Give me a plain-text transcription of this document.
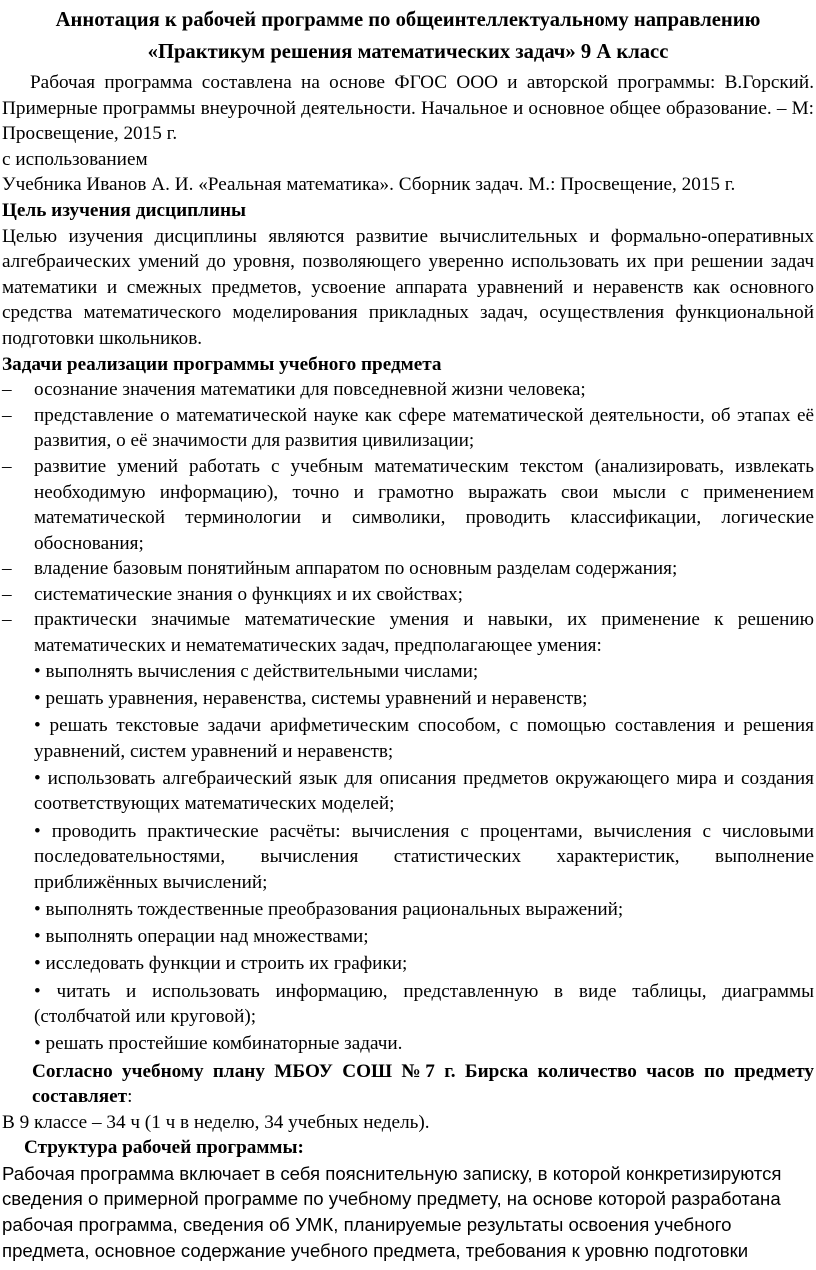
Аннотация к рабочей программе по общеинтеллектуальному направлению «Практикум решения математических задач» 9 А класс

Рабочая программа составлена на основе ФГОС ООО и авторской программы: В.Горский. Примерные программы внеурочной деятельности. Начальное и основное общее образование. – М: Просвещение, 2015 г.

с использованием

Учебника Иванов А. И. «Реальная математика». Сборник задач. М.: Просвещение, 2015 г.

Цель изучения дисциплины

Целью изучения дисциплины являются развитие вычислительных и формально-оперативных алгебраических умений до уровня, позволяющего уверенно использовать их при решении задач математики и смежных предметов, усвоение аппарата уравнений и неравенств как основного средства математического моделирования прикладных задач, осуществления функциональной подготовки школьников.

Задачи реализации программы учебного предмета

– осознание значения математики для повседневной жизни человека;
– представление о математической науке как сфере математической деятельности, об этапах её развития, о её значимости для развития цивилизации;
– развитие умений работать с учебным математическим текстом (анализировать, извлекать необходимую информацию), точно и грамотно выражать свои мысли с применением математической терминологии и символики, проводить классификации, логические обоснования;
– владение базовым понятийным аппаратом по основным разделам содержания;
– систематические знания о функциях и их свойствах;
– практически значимые математические умения и навыки, их применение к решению математических и нематематических задач, предполагающее умения:
• выполнять вычисления с действительными числами;
• решать уравнения, неравенства, системы уравнений и неравенств;
• решать текстовые задачи арифметическим способом, с помощью составления и решения уравнений, систем уравнений и неравенств;
• использовать алгебраический язык для описания предметов окружающего мира и создания соответствующих математических моделей;
• проводить практические расчёты: вычисления с процентами, вычисления с числовыми последовательностями, вычисления статистических характеристик, выполнение приближённых вычислений;
• выполнять тождественные преобразования рациональных выражений;
• выполнять операции над множествами;
• исследовать функции и строить их графики;
• читать и использовать информацию, представленную в виде таблицы, диаграммы (столбчатой или круговой);
• решать простейшие комбинаторные задачи.

Согласно учебному плану МБОУ СОШ №7 г. Бирска количество часов по предмету составляет:

В 9 классе – 34 ч (1 ч в неделю, 34 учебных недель).

Структура рабочей программы:

Рабочая программа включает в себя пояснительную записку, в которой конкретизируются
сведения о примерной программе по учебному предмету, на основе которой разработана
рабочая программа, сведения об УМК, планируемые результаты освоения учебного
предмета, основное содержание учебного предмета, требования к уровню подготовки
